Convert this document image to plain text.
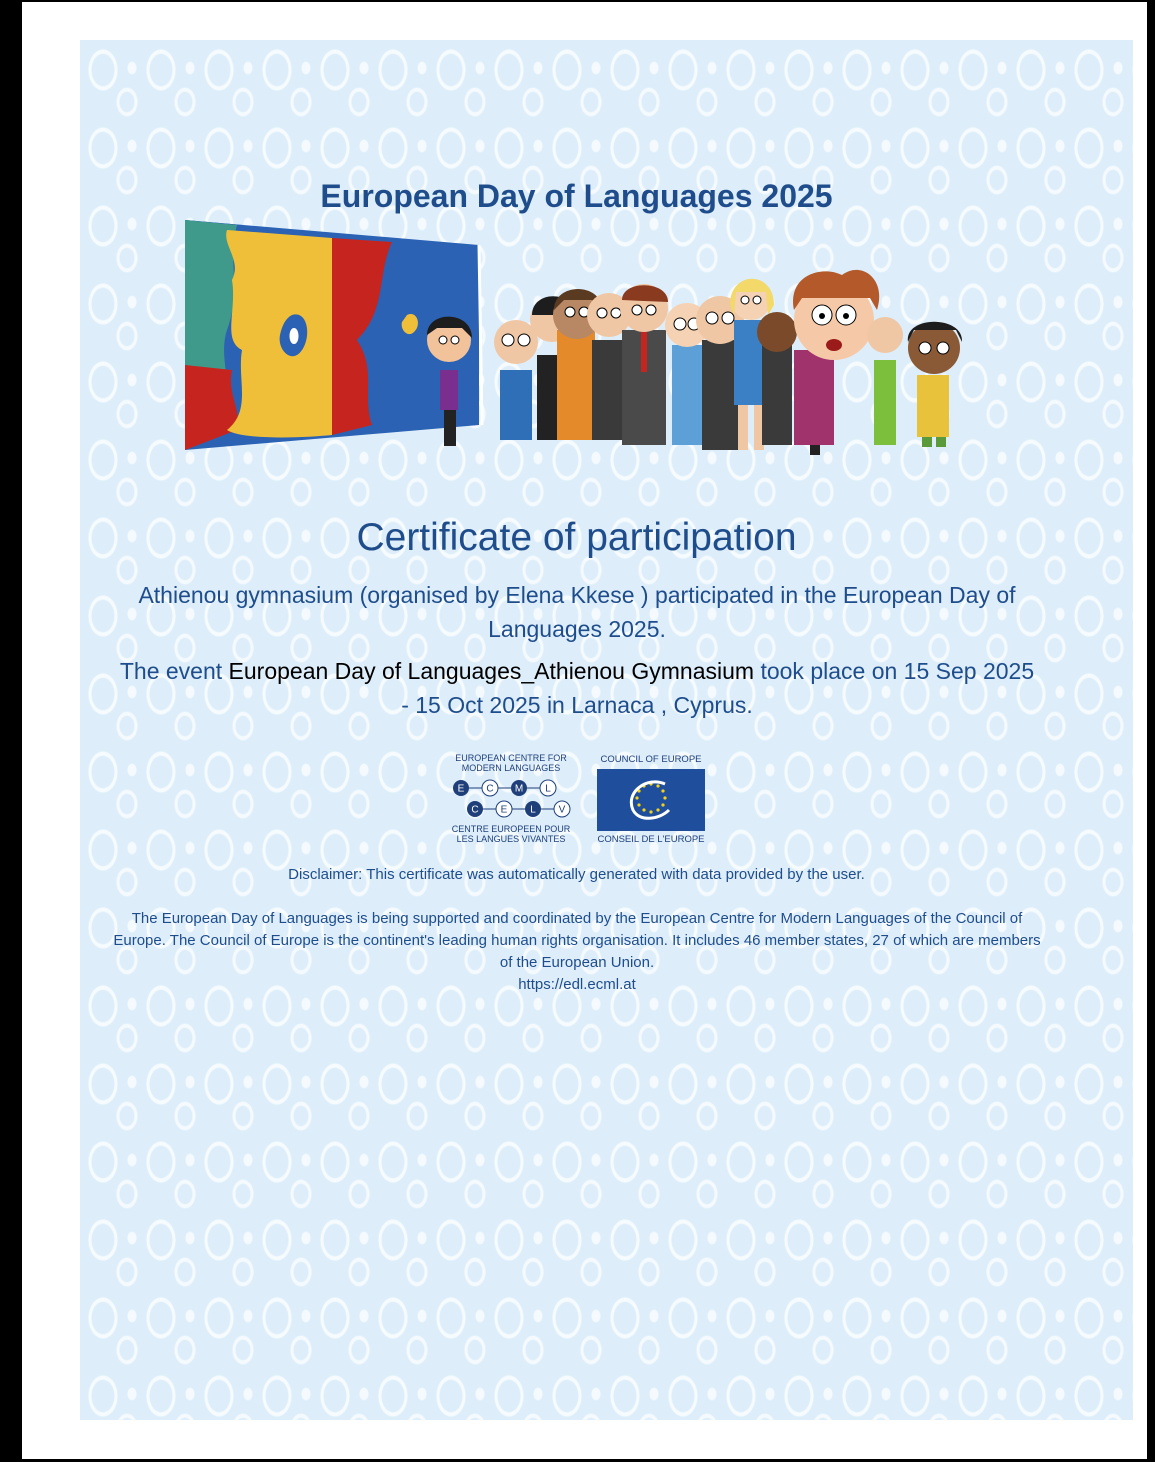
European Day of Languages 2025
Certificate of participation
Athienou gymnasium (organised by Elena Kkese ) participated in the European Day of Languages 2025.
The event European Day of Languages_Athienou Gymnasium took place on 15 Sep 2025 - 15 Oct 2025 in Larnaca , Cyprus.
EUROPEAN CENTRE FOR
MODERN LANGUAGES
E C M L
C E L V
CENTRE EUROPEEN POUR
LES LANGUES VIVANTES
COUNCIL OF EUROPE
CONSEIL DE L'EUROPE
Disclaimer: This certificate was automatically generated with data provided by the user.
The European Day of Languages is being supported and coordinated by the European Centre for Modern Languages of the Council of Europe. The Council of Europe is the continent's leading human rights organisation. It includes 46 member states, 27 of which are members of the European Union.
https://edl.ecml.at
